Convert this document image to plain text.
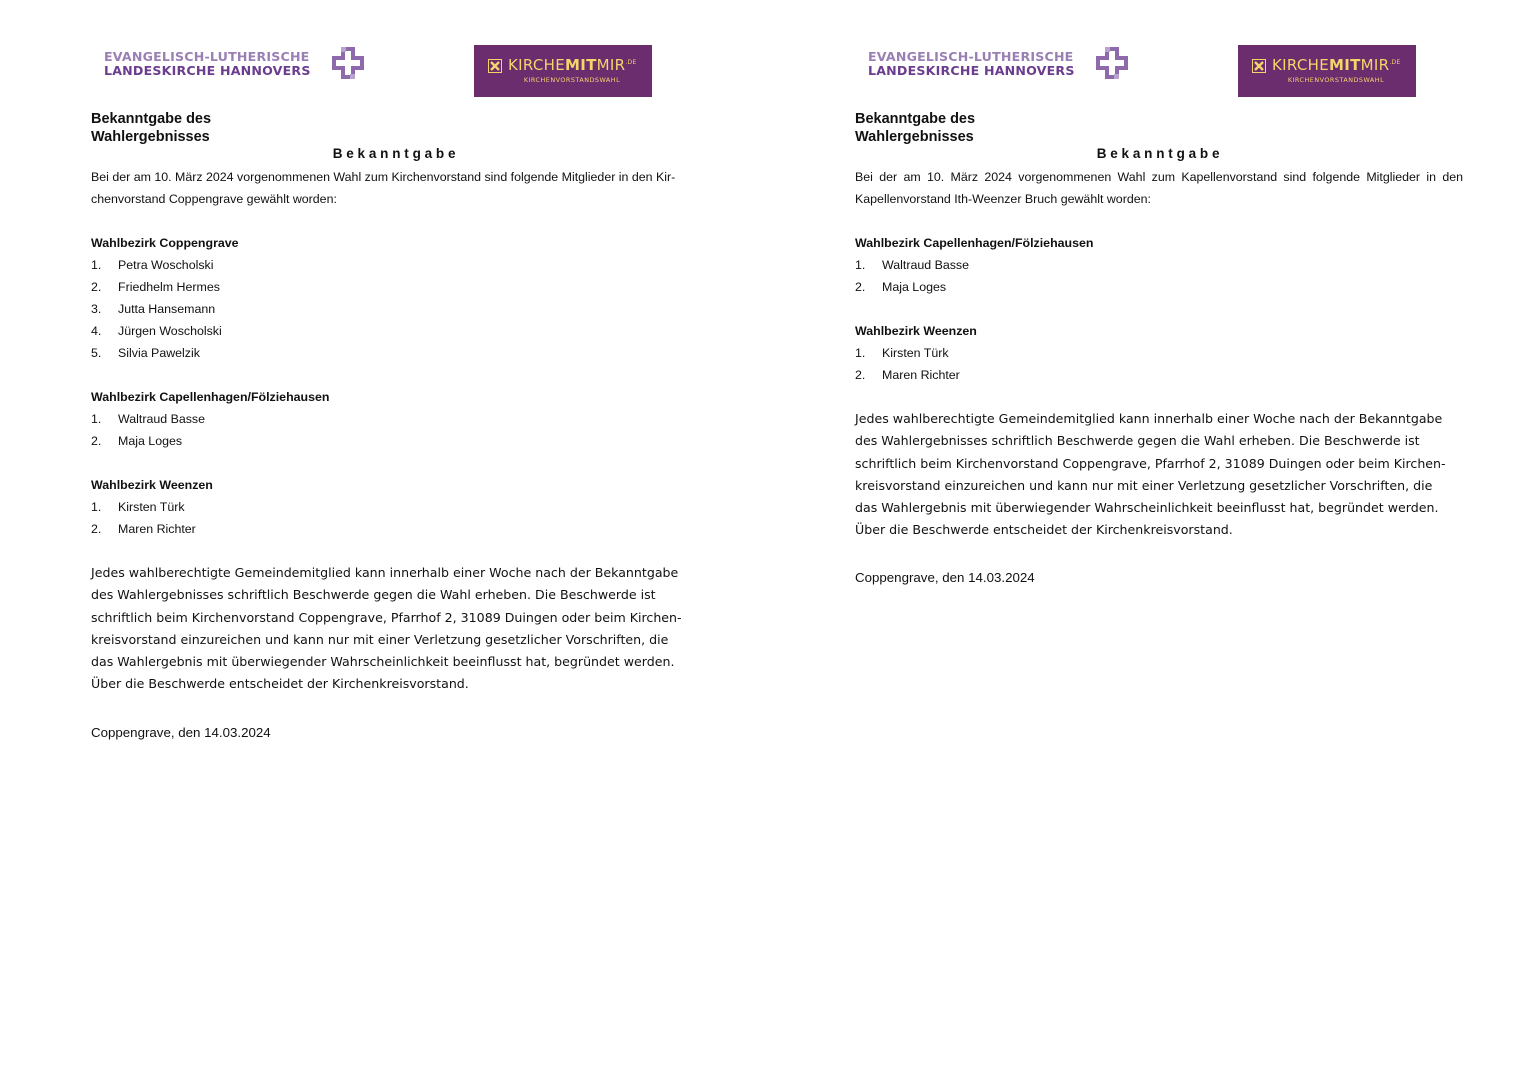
EVANGELISCH-LUTHERISCHE
LANDESKIRCHE HANNOVERS	$KIRCHEMITMIR^{.DE}$
KIRCHENVORSTANDSWAHL
Bekanntgabe des
Wahlergebnisses
Bekanntgabe
Bei der am 10. März 2024 vorgenommenen Wahl zum Kirchenvorstand sind folgende Mitglieder in den Kir-
chenvorstand Coppengrave gewählt worden:
Wahlbezirk Coppengrave
1. Petra Woscholski
2. Friedhelm Hermes
3. Jutta Hansemann
4. Jürgen Woscholski
5. Silvia Pawelzik
Wahlbezirk Capellenhagen/Fölziehausen
1. Waltraud Basse
2. Maja Loges
Wahlbezirk Weenzen
1. Kirsten Türk
2. Maren Richter
Jedes wahlberechtigte Gemeindemitglied kann innerhalb einer Woche nach der Bekanntgabe
des Wahlergebnisses schriftlich Beschwerde gegen die Wahl erheben. Die Beschwerde ist
schriftlich beim Kirchenvorstand Coppengrave, Pfarrhof 2, 31089 Duingen oder beim Kirchen-
kreisvorstand einzureichen und kann nur mit einer Verletzung gesetzlicher Vorschriften, die
das Wahlergebnis mit überwiegender Wahrscheinlichkeit beeinflusst hat, begründet werden.
Über die Beschwerde entscheidet der Kirchenkreisvorstand.
Coppengrave, den 14.03.2024
EVANGELISCH-LUTHERISCHE
LANDESKIRCHE HANNOVERS	$KIRCHEMITMIR^{.DE}$
KIRCHENVORSTANDSWAHL
Bekanntgabe des
Wahlergebnisses
Bekanntgabe
Bei der am 10. März 2024 vorgenommenen Wahl zum Kapellenvorstand sind folgende Mitglieder in den
Kapellenvorstand Ith-Weenzer Bruch gewählt worden:
Wahlbezirk Capellenhagen/Fölziehausen
1. Waltraud Basse
2. Maja Loges
Wahlbezirk Weenzen
1. Kirsten Türk
2. Maren Richter
Jedes wahlberechtigte Gemeindemitglied kann innerhalb einer Woche nach der Bekanntgabe
des Wahlergebnisses schriftlich Beschwerde gegen die Wahl erheben. Die Beschwerde ist
schriftlich beim Kirchenvorstand Coppengrave, Pfarrhof 2, 31089 Duingen oder beim Kirchen-
kreisvorstand einzureichen und kann nur mit einer Verletzung gesetzlicher Vorschriften, die
das Wahlergebnis mit überwiegender Wahrscheinlichkeit beeinflusst hat, begründet werden.
Über die Beschwerde entscheidet der Kirchenkreisvorstand.
Coppengrave, den 14.03.2024
